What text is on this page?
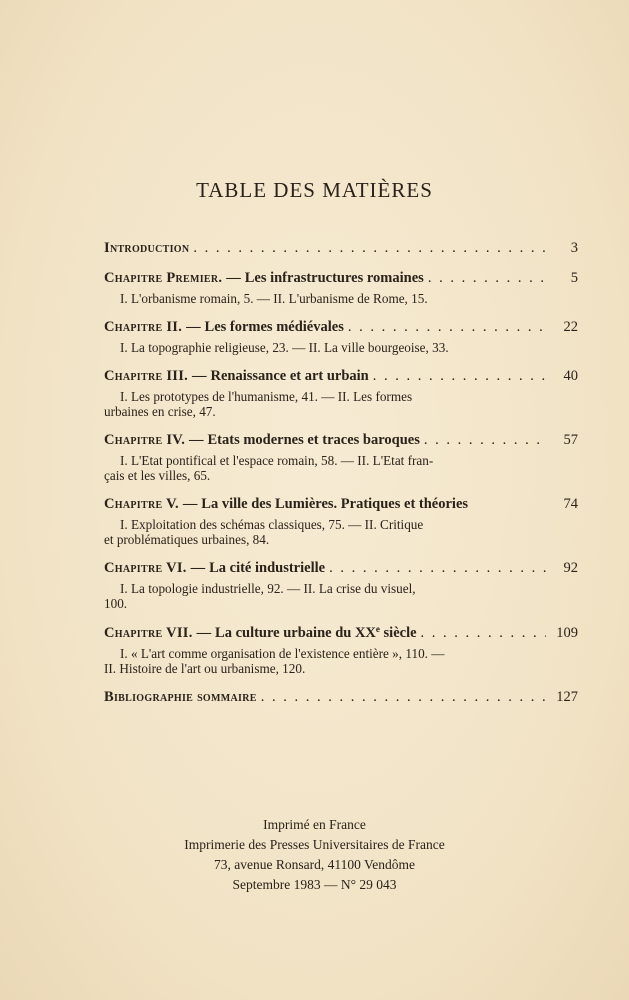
TABLE DES MATIÈRES
Introduction . . .	3
Chapitre Premier. — Les infrastructures romaines . . .	5
I. L'orbanisme romain, 5. — II. L'urbanisme de Rome, 15.
Chapitre II. — Les formes médiévales . . .	22
I. La topographie religieuse, 23. — II. La ville bourgeoise, 33.
Chapitre III. — Renaissance et art urbain . . .	40
I. Les prototypes de l'humanisme, 41. — II. Les formes
urbaines en crise, 47.
Chapitre IV. — Etats modernes et traces baroques . . .	57
I. L'Etat pontifical et l'espace romain, 58. — II. L'Etat fran-
çais et les villes, 65.
Chapitre V. — La ville des Lumières. Pratiques et théories	74
I. Exploitation des schémas classiques, 75. — II. Critique
et problématiques urbaines, 84.
Chapitre VI. — La cité industrielle . . .	92
I. La topologie industrielle, 92. — II. La crise du visuel,
100.
Chapitre VII. — La culture urbaine du XXe siècle . . .	109
I. « L'art comme organisation de l'existence entière », 110. —
II. Histoire de l'art ou urbanisme, 120.
Bibliographie sommaire . . .	127
Imprimé en France
Imprimerie des Presses Universitaires de France
73, avenue Ronsard, 41100 Vendôme
Septembre 1983 — N° 29 043
